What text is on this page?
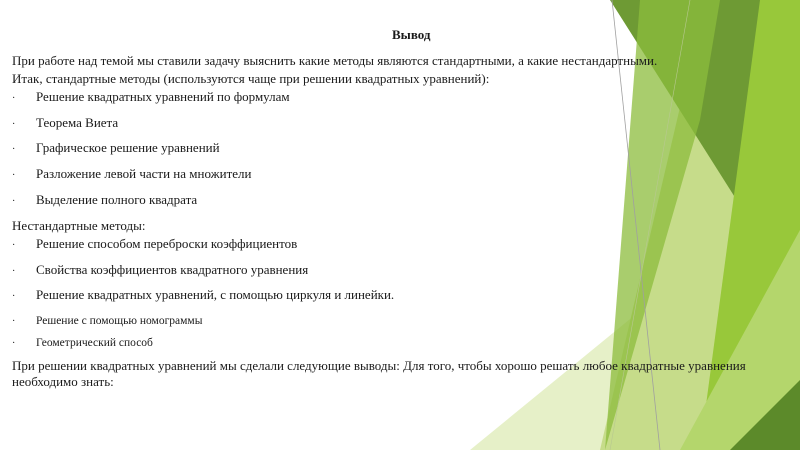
Вывод
При работе над темой мы ставили задачу выяснить какие методы являются стандартными, а какие нестандартными.
Итак, стандартные методы (используются чаще при решении квадратных уравнений):
· Решение квадратных уравнений по формулам
· Теорема Виета
· Графическое решение уравнений
· Разложение левой части на множители
· Выделение полного квадрата
Нестандартные методы:
· Решение способом переброски коэффициентов
· Свойства коэффициентов квадратного уравнения
· Решение квадратных уравнений, с помощью циркуля и линейки.
· Решение с помощью номограммы
· Геометрический способ
При решении квадратных уравнений мы сделали следующие выводы: Для того, чтобы хорошо решать любое квадратные уравнения необходимо знать:
